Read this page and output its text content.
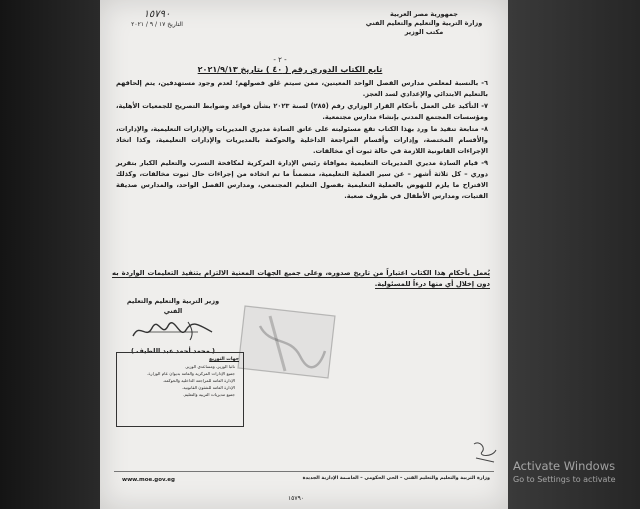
جمهورية مصر العربية
وزارة التربية والتعليم والتعليم الفني
مكتب الوزير
١٥٧٩٠
التاريخ ١٧ / ٩ / ٢٠٢١
- ٢ -
تابع الكتاب الدوري رقم ( ٤٠ ) بتاريخ ٢٠٢١/٩/١٣

٦- بالنسبة لمعلمي مدارس الفصل الواحد المعينين، ممن سيتم غلق فصولهم؛ لعدم وجود مستهدفين، يتم إلحاقهم بالتعليم الابتدائي والإعدادي لسد العجز.

٧- التأكيد على العمل بأحكام القرار الوزاري رقم (٢٨٥) لسنة ٢٠٢٣ بشأن قواعد وضوابط التصريح للجمعيات الأهلية، ومؤسسات المجتمع المدني بإنشاء مدارس مجتمعية.

٨- متابعة تنفيذ ما ورد بهذا الكتاب تقع مسئوليته على عاتق السادة مديري المديريات والإدارات التعليمية، والإدارات، والأقسام المختصة، وإدارات وأقسام المراجعة الداخلية والحوكمة بالمديريات والإدارات التعليمية، وكذا اتخاذ الإجراءات القانونية اللازمة في حالة ثبوت أي مخالفات.

٩- قيام السادة مديري المديريات التعليمية بموافاة رئيس الإدارة المركزية لمكافحة التسرب والتعليم الكبار بتقرير دوري – كل ثلاثة أشهر – عن سير العملية التعليمية، متضمناً ما تم اتخاذه من إجراءات حال ثبوت مخالفات، وكذلك الاقتراح ما يلزم للنهوض بالعملية التعليمية بفصول التعليم المجتمعي، ومدارس الفصل الواحد، والمدارس صديقة الفتيات، ومدارس الأطفال في ظروف صعبة.

يُعمل بأحكام هذا الكتاب اعتباراً من تاريخ صدوره، وعلى جميع الجهات المعنية الالتزام بتنفيذ التعليمات الواردة به دون إخلال أي منها درءاً للمسئولية.
وزير التربية والتعليم والتعليم الفني
( محمد أحمد عبد اللطيف )
جهات التوزيع
نائبا الوزير، ومساعدي الوزير.
جميع الإدارات المركزية والعامة بديوان عام الوزارة.
الإدارة العامة للمراجعة الداخلية والحوكمة.
الإدارة العامة للشئون القانونية.
جميع مديريات التربية والتعليم.
وزارة التربية والتعليم والتعليم الفني – الحي الحكومي – العاصمة الإدارية الجديدة
www.moe.gov.eg
١٥٧٩٠
Activate Windows
Go to Settings to activate
